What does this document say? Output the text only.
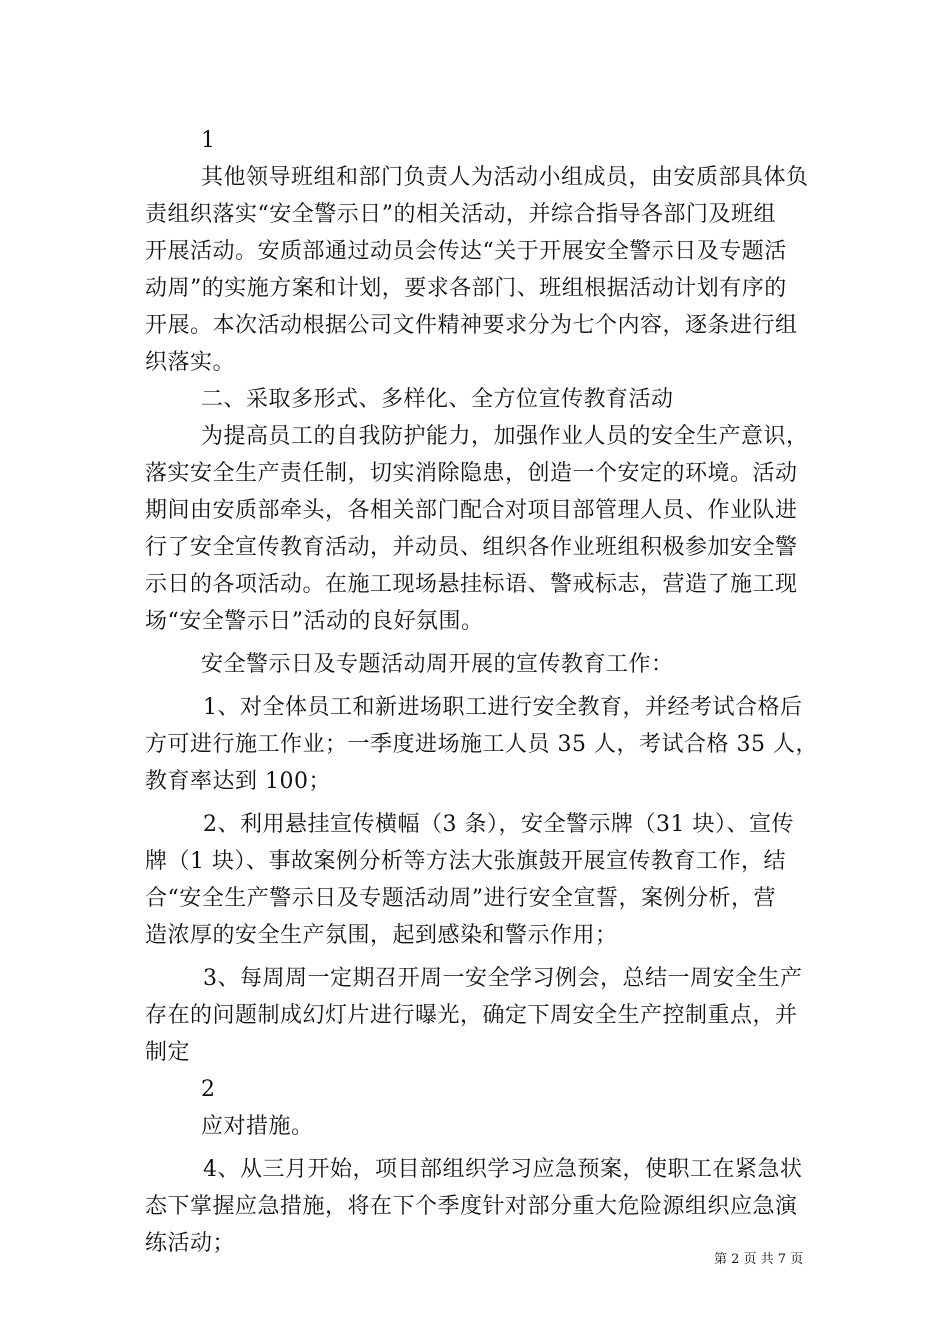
1
其他领导班组和部门负责人为活动小组成员，由安质部具体负
责组织落实“安全警示日”的相关活动，并综合指导各部门及班组
开展活动。安质部通过动员会传达“关于开展安全警示日及专题活
动周”的实施方案和计划，要求各部门、班组根据活动计划有序的
开展。本次活动根据公司文件精神要求分为七个内容，逐条进行组
织落实。
二、采取多形式、多样化、全方位宣传教育活动
为提高员工的自我防护能力，加强作业人员的安全生产意识，
落实安全生产责任制，切实消除隐患，创造一个安定的环境。活动
期间由安质部牵头，各相关部门配合对项目部管理人员、作业队进
行了安全宣传教育活动，并动员、组织各作业班组积极参加安全警
示日的各项活动。在施工现场悬挂标语、警戒标志，营造了施工现
场“安全警示日”活动的良好氛围。
安全警示日及专题活动周开展的宣传教育工作：
1、对全体员工和新进场职工进行安全教育，并经考试合格后
方可进行施工作业；一季度进场施工人员 35 人，考试合格 35 人，
教育率达到 100；
2、利用悬挂宣传横幅（3 条），安全警示牌（31 块）、宣传
牌（1 块）、事故案例分析等方法大张旗鼓开展宣传教育工作，结
合“安全生产警示日及专题活动周”进行安全宣誓，案例分析，营
造浓厚的安全生产氛围，起到感染和警示作用；
3、每周周一定期召开周一安全学习例会，总结一周安全生产
存在的问题制成幻灯片进行曝光，确定下周安全生产控制重点，并
制定
2
应对措施。
4、从三月开始，项目部组织学习应急预案，使职工在紧急状
态下掌握应急措施，将在下个季度针对部分重大危险源组织应急演
练活动；
第 2 页 共 7 页
